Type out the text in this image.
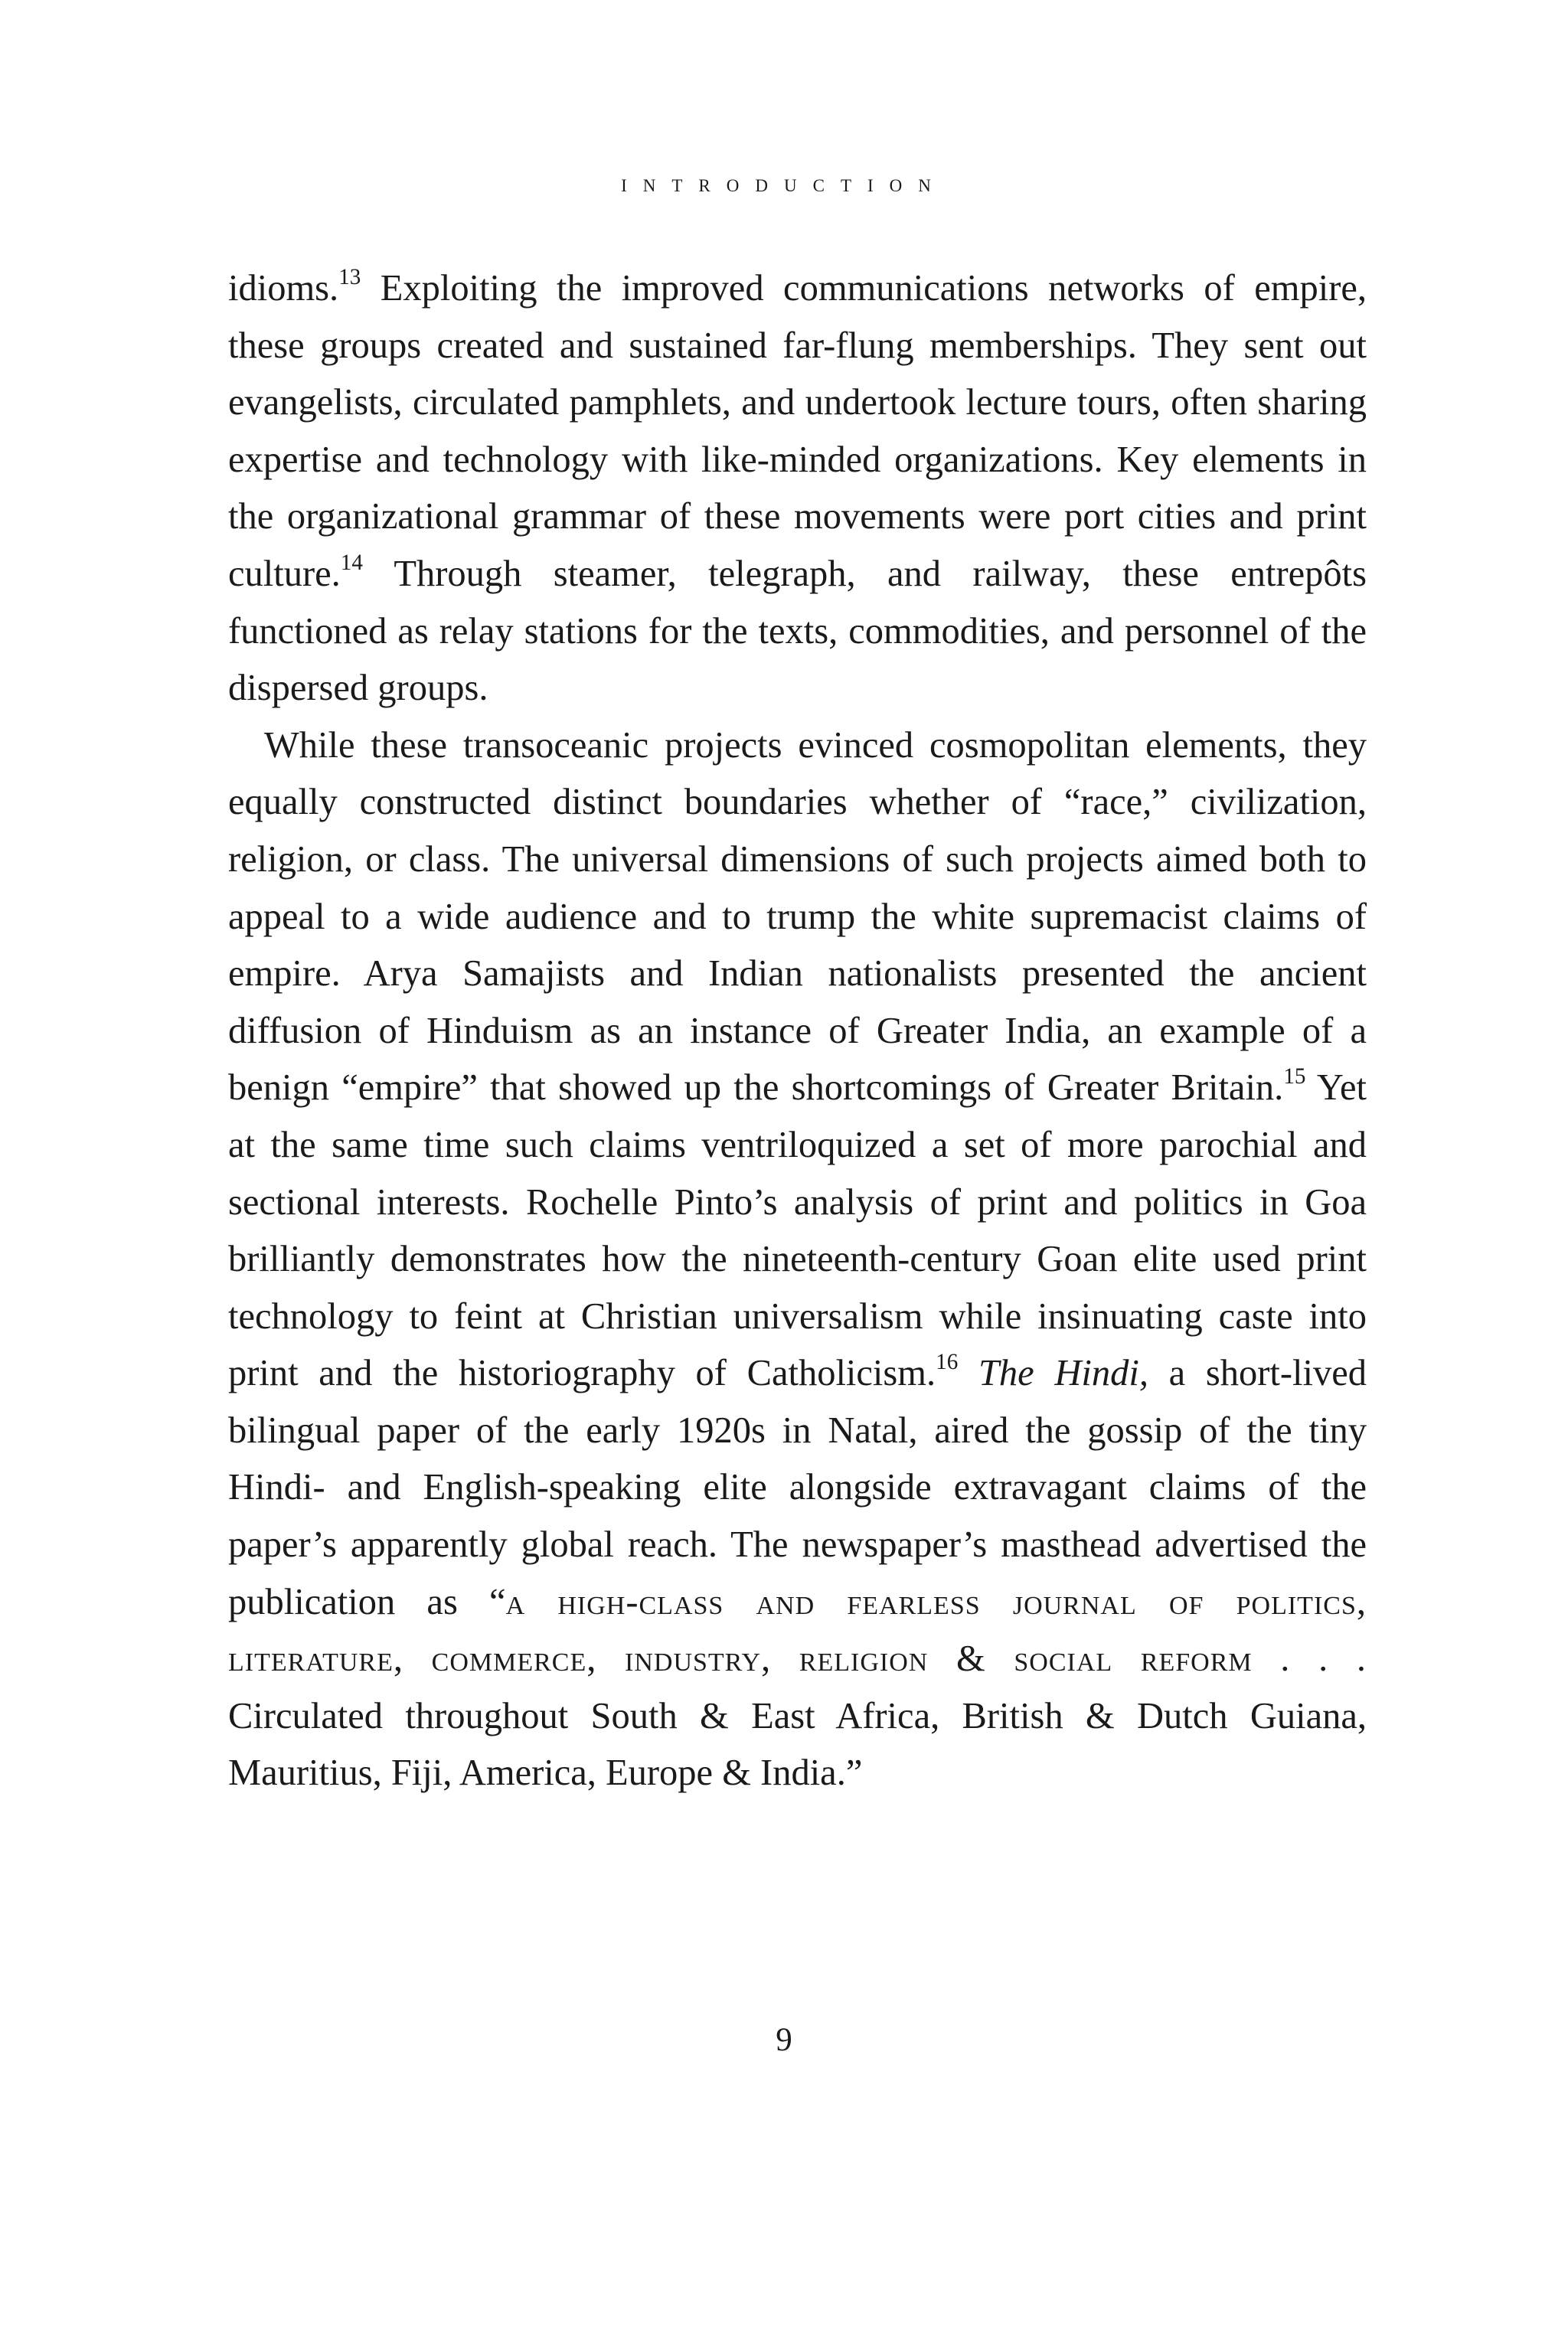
introduction

idioms.$^{13}$ Exploiting the improved communications networks of empire, these groups created and sustained far-flung memberships. They sent out evangelists, circulated pamphlets, and undertook lecture tours, often sharing expertise and technology with like-minded organizations. Key elements in the organizational grammar of these movements were port cities and print culture.$^{14}$ Through steamer, telegraph, and railway, these entrepôts functioned as relay stations for the texts, commodities, and personnel of the dispersed groups.

While these transoceanic projects evinced cosmopolitan elements, they equally constructed distinct boundaries whether of “race,” civilization, religion, or class. The universal dimensions of such projects aimed both to appeal to a wide audience and to trump the white supremacist claims of empire. Arya Samajists and Indian nationalists presented the ancient diffusion of Hinduism as an instance of Greater India, an example of a benign “empire” that showed up the shortcomings of Greater Britain.$^{15}$ Yet at the same time such claims ventriloquized a set of more parochial and sectional interests. Rochelle Pinto’s analysis of print and politics in Goa brilliantly demonstrates how the nineteenth-century Goan elite used print technology to feint at Christian universalism while insinuating caste into print and the historiography of Catholicism.$^{16}$ The Hindi, a short-lived bilingual paper of the early 1920s in Natal, aired the gossip of the tiny Hindi- and English-speaking elite alongside extravagant claims of the paper’s apparently global reach. The newspaper’s masthead advertised the publication as “a high-class and fearless journal of politics, literature, commerce, industry, religion & social reform . . . Circulated throughout South & East Africa, British & Dutch Guiana, Mauritius, Fiji, America, Europe & India.”

9
